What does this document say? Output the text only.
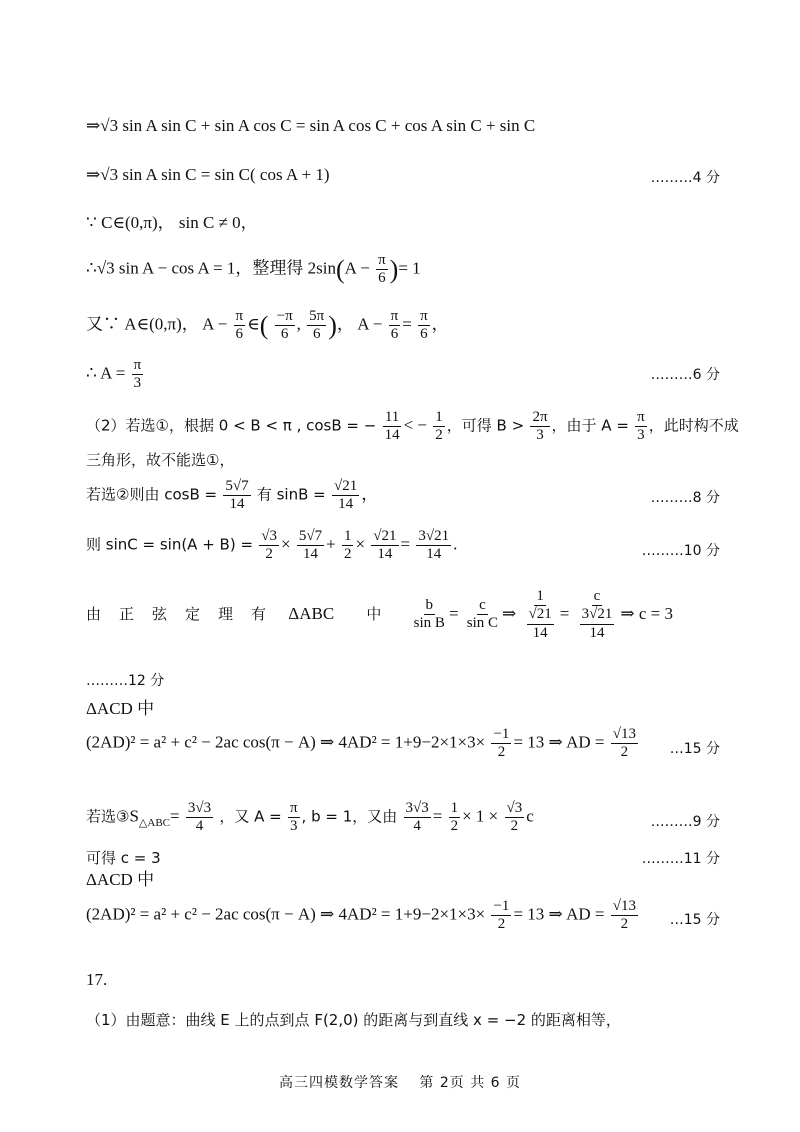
⇒√3 sin A sin C + sin A cos C = sin A cos C + cos A sin C + sin C
⇒√3 sin A sin C = sin C( cos A + 1)	………4 分
∵ C∈(0,π)， sin C ≠ 0，
∴√3 sin A − cos A = 1，整理得 $2\sin(A - \frac{\pi}{6}$ )= 1
又∵ A∈(0,π)， $A - \frac{\pi}{6}$ ∈( $\frac{-\pi}{6}$ , $\frac{5\pi}{6}$ )， $A - \frac{\pi}{6} = \frac{\pi}{6}$ ，
∴ $A = \frac{\pi}{3}$	………6 分
（2）若选①，根据 0 < B < π , cosB = − $\frac{11}{14}$ < − $\frac{1}{2}$ ，可得 $B > \frac{2\pi}{3}$ ，由于 $A = \frac{\pi}{3}$ ，此时构不成
三角形，故不能选①，
若选②则由 $\cos B = \frac{5√7}{14}$ 有 $\sin B = \frac{√21}{14}$ ，	………8 分
则 $\sin C = \sin(A + B) = \frac{√3}{2} \times \frac{5√7}{14} + \frac{1}{2} \times \frac{√21}{14} = \frac{3√21}{14}$ .	………10 分
由正弦定理有 ΔABC 中 $\frac{b}{\text{sin B}} = \frac{c}{\text{sin C}}$ ⇒ $\frac{1}{\frac{√21}{14}} = \frac{c}{\frac{3√21}{14}}$ ⇒ c = 3
………12 分
ΔACD 中
(2AD)² = a² + c² − 2ac cos(π − A) ⇒ $4AD^2 = 1+9-2\times 1\times 3\times \frac{-1}{2} = 13$ ⇒ AD = $\frac{√13}{2}$ …15 分
若选$③S_{\triangle ABC}= \frac{3√3}{4}$ ，又 $A = \frac{\pi}{3}$ , b = 1，又由 $\frac{3√3}{4} = \frac{1}{2} \times 1 \times \frac{√3}{2}$ c	………9 分
可得 c = 3	………11 分
ΔACD 中
(2AD)² = a² + c² − 2ac cos(π − A) ⇒ $4AD^2 = 1+9-2\times 1\times 3\times \frac{-1}{2} = 13$ ⇒ AD = $\frac{√13}{2}$ …15 分
17.
（1）由题意：曲线 E 上的点到点 F(2,0) 的距离与到直线 x = −2 的距离相等，
高三四模数学答案　 第 2页 共 6 页
